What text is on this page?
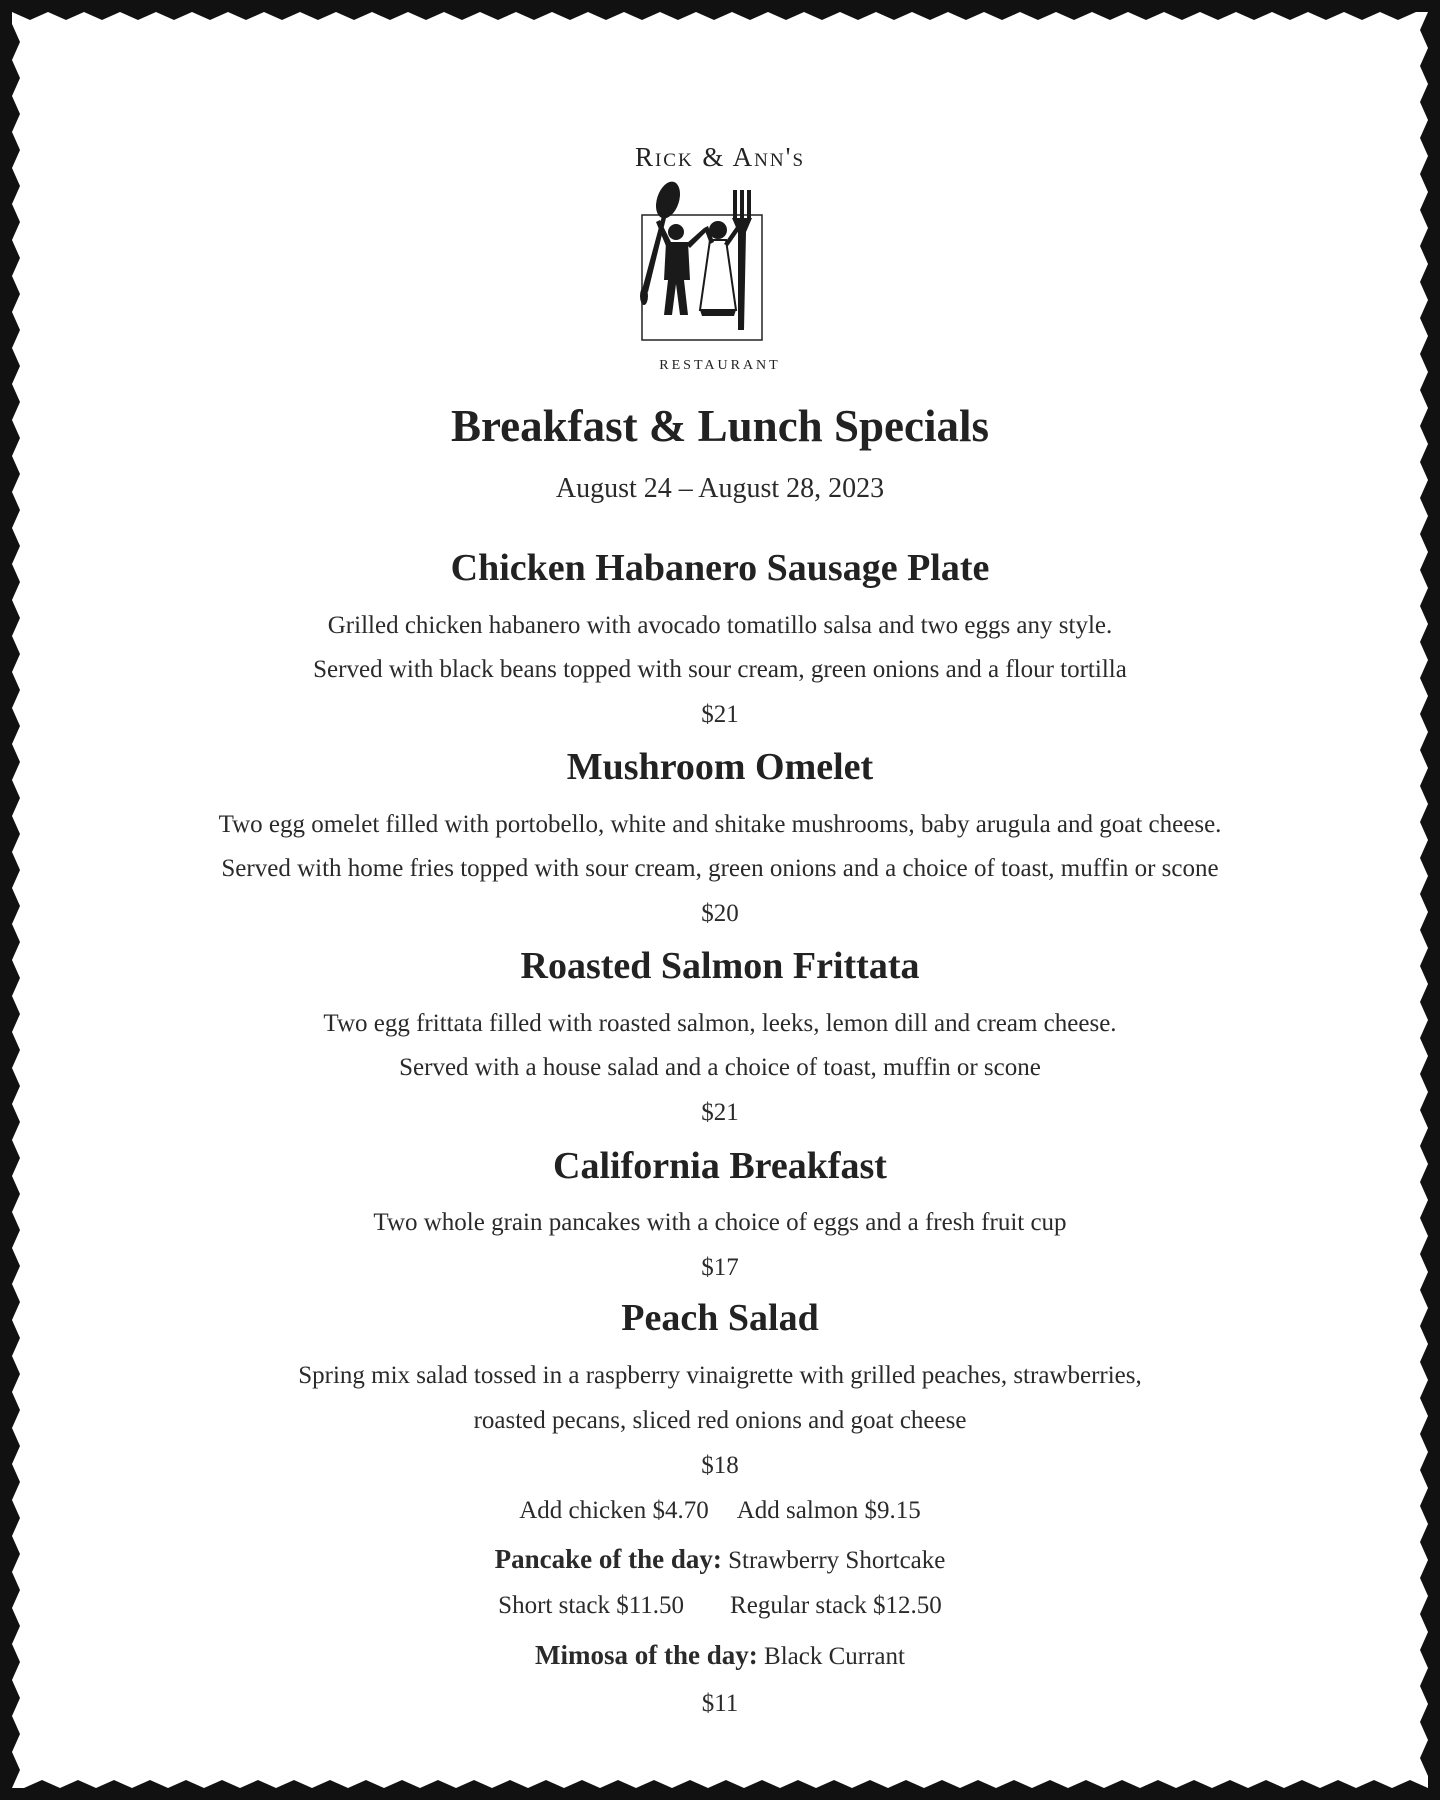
Rick & Ann's
RESTAURANT
Breakfast & Lunch Specials
August 24 – August 28, 2023
Chicken Habanero Sausage Plate
Grilled chicken habanero with avocado tomatillo salsa and two eggs any style.
Served with black beans topped with sour cream, green onions and a flour tortilla
$21
Mushroom Omelet
Two egg omelet filled with portobello, white and shitake mushrooms, baby arugula and goat cheese.
Served with home fries topped with sour cream, green onions and a choice of toast, muffin or scone
$20
Roasted Salmon Frittata
Two egg frittata filled with roasted salmon, leeks, lemon dill and cream cheese.
Served with a house salad and a choice of toast, muffin or scone
$21
California Breakfast
Two whole grain pancakes with a choice of eggs and a fresh fruit cup
$17
Peach Salad
Spring mix salad tossed in a raspberry vinaigrette with grilled peaches, strawberries,
roasted pecans, sliced red onions and goat cheese
$18
Add chicken $4.70 Add salmon $9.15
Pancake of the day: Strawberry Shortcake
Short stack $11.50 Regular stack $12.50
Mimosa of the day: Black Currant
$11
